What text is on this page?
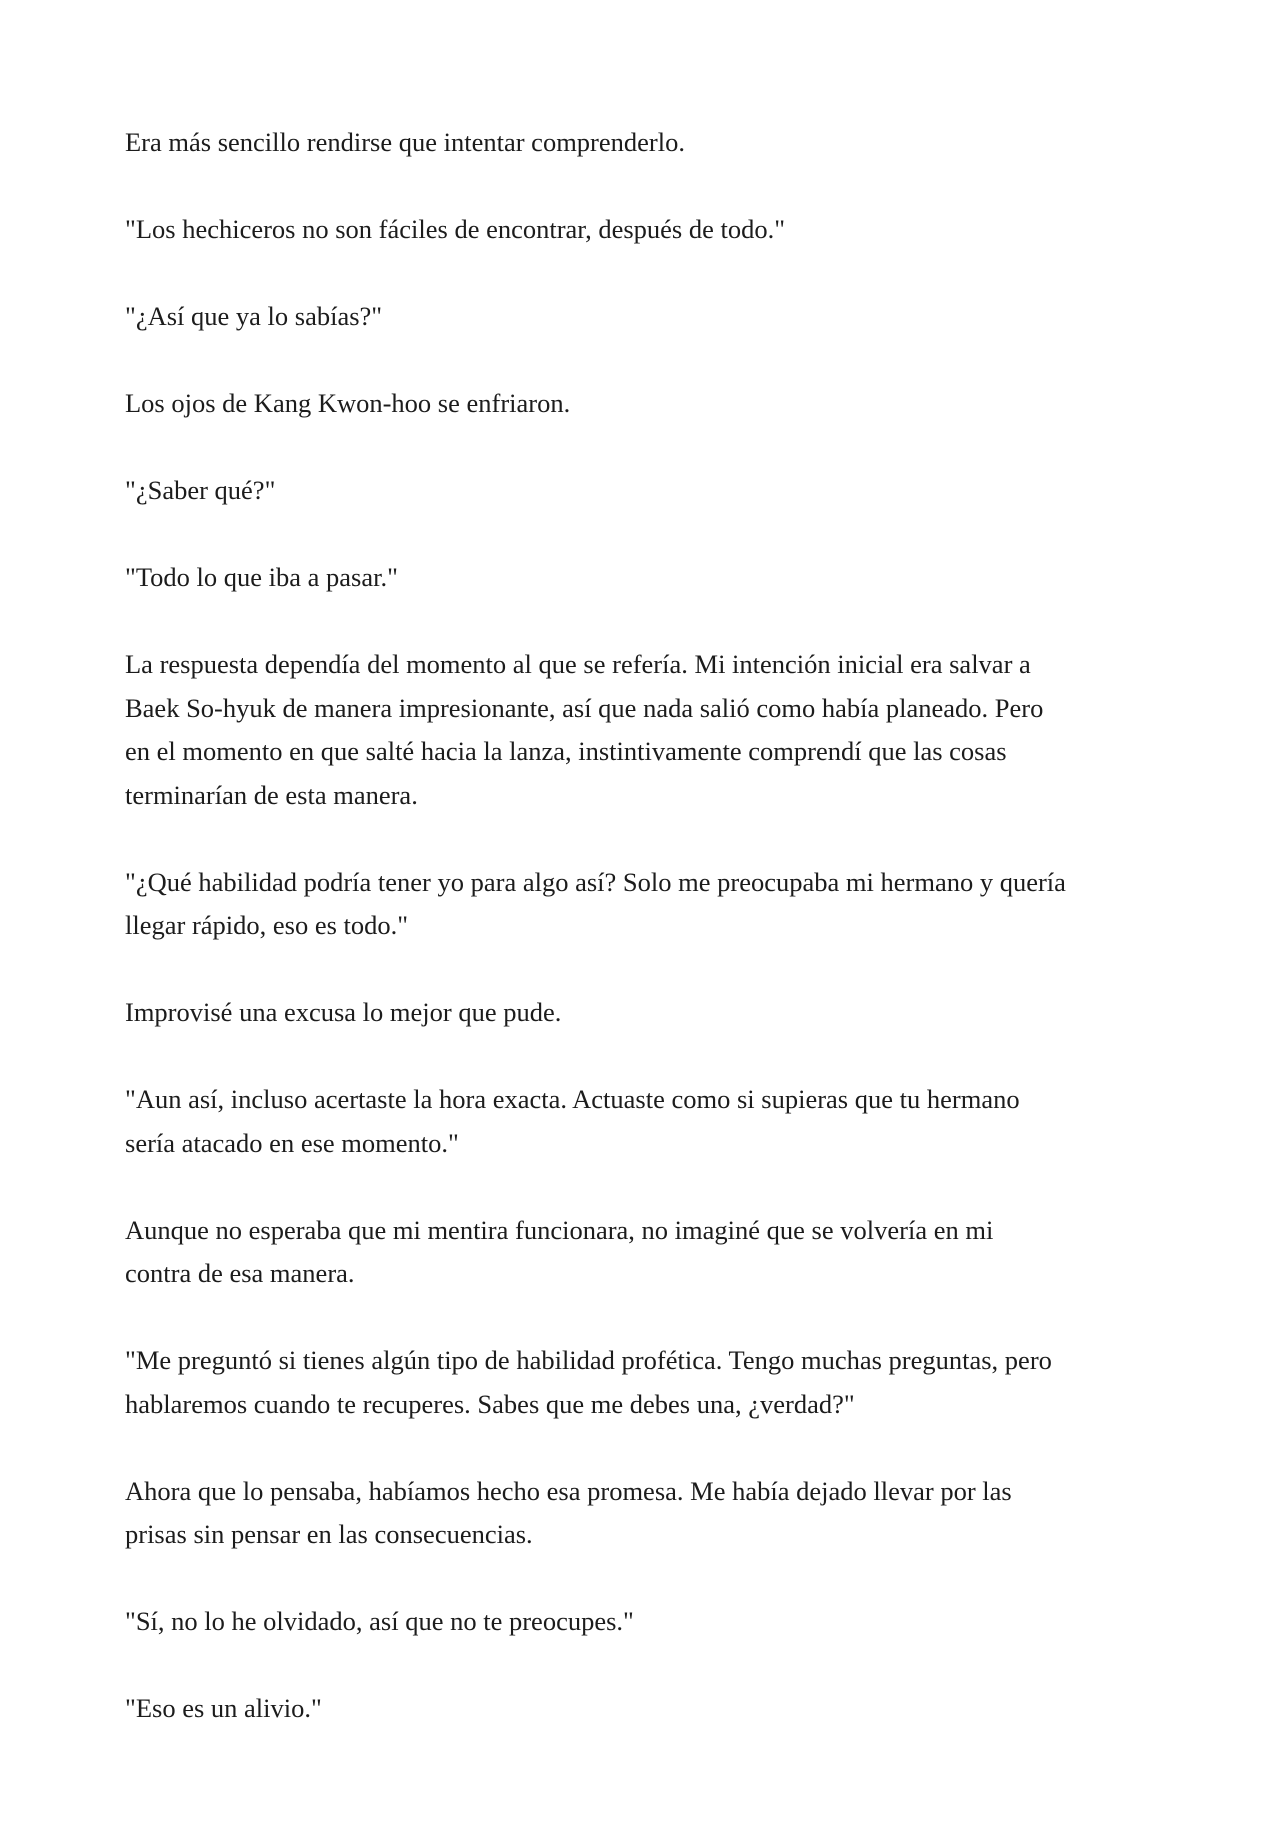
Era más sencillo rendirse que intentar comprenderlo.

"Los hechiceros no son fáciles de encontrar, después de todo."

"¿Así que ya lo sabías?"

Los ojos de Kang Kwon-hoo se enfriaron.

"¿Saber qué?"

"Todo lo que iba a pasar."

La respuesta dependía del momento al que se refería. Mi intención inicial era salvar a
Baek So-hyuk de manera impresionante, así que nada salió como había planeado. Pero
en el momento en que salté hacia la lanza, instintivamente comprendí que las cosas
terminarían de esta manera.

"¿Qué habilidad podría tener yo para algo así? Solo me preocupaba mi hermano y quería
llegar rápido, eso es todo."

Improvisé una excusa lo mejor que pude.

"Aun así, incluso acertaste la hora exacta. Actuaste como si supieras que tu hermano
sería atacado en ese momento."

Aunque no esperaba que mi mentira funcionara, no imaginé que se volvería en mi
contra de esa manera.

"Me preguntó si tienes algún tipo de habilidad profética. Tengo muchas preguntas, pero
hablaremos cuando te recuperes. Sabes que me debes una, ¿verdad?"

Ahora que lo pensaba, habíamos hecho esa promesa. Me había dejado llevar por las
prisas sin pensar en las consecuencias.

"Sí, no lo he olvidado, así que no te preocupes."

"Eso es un alivio."
